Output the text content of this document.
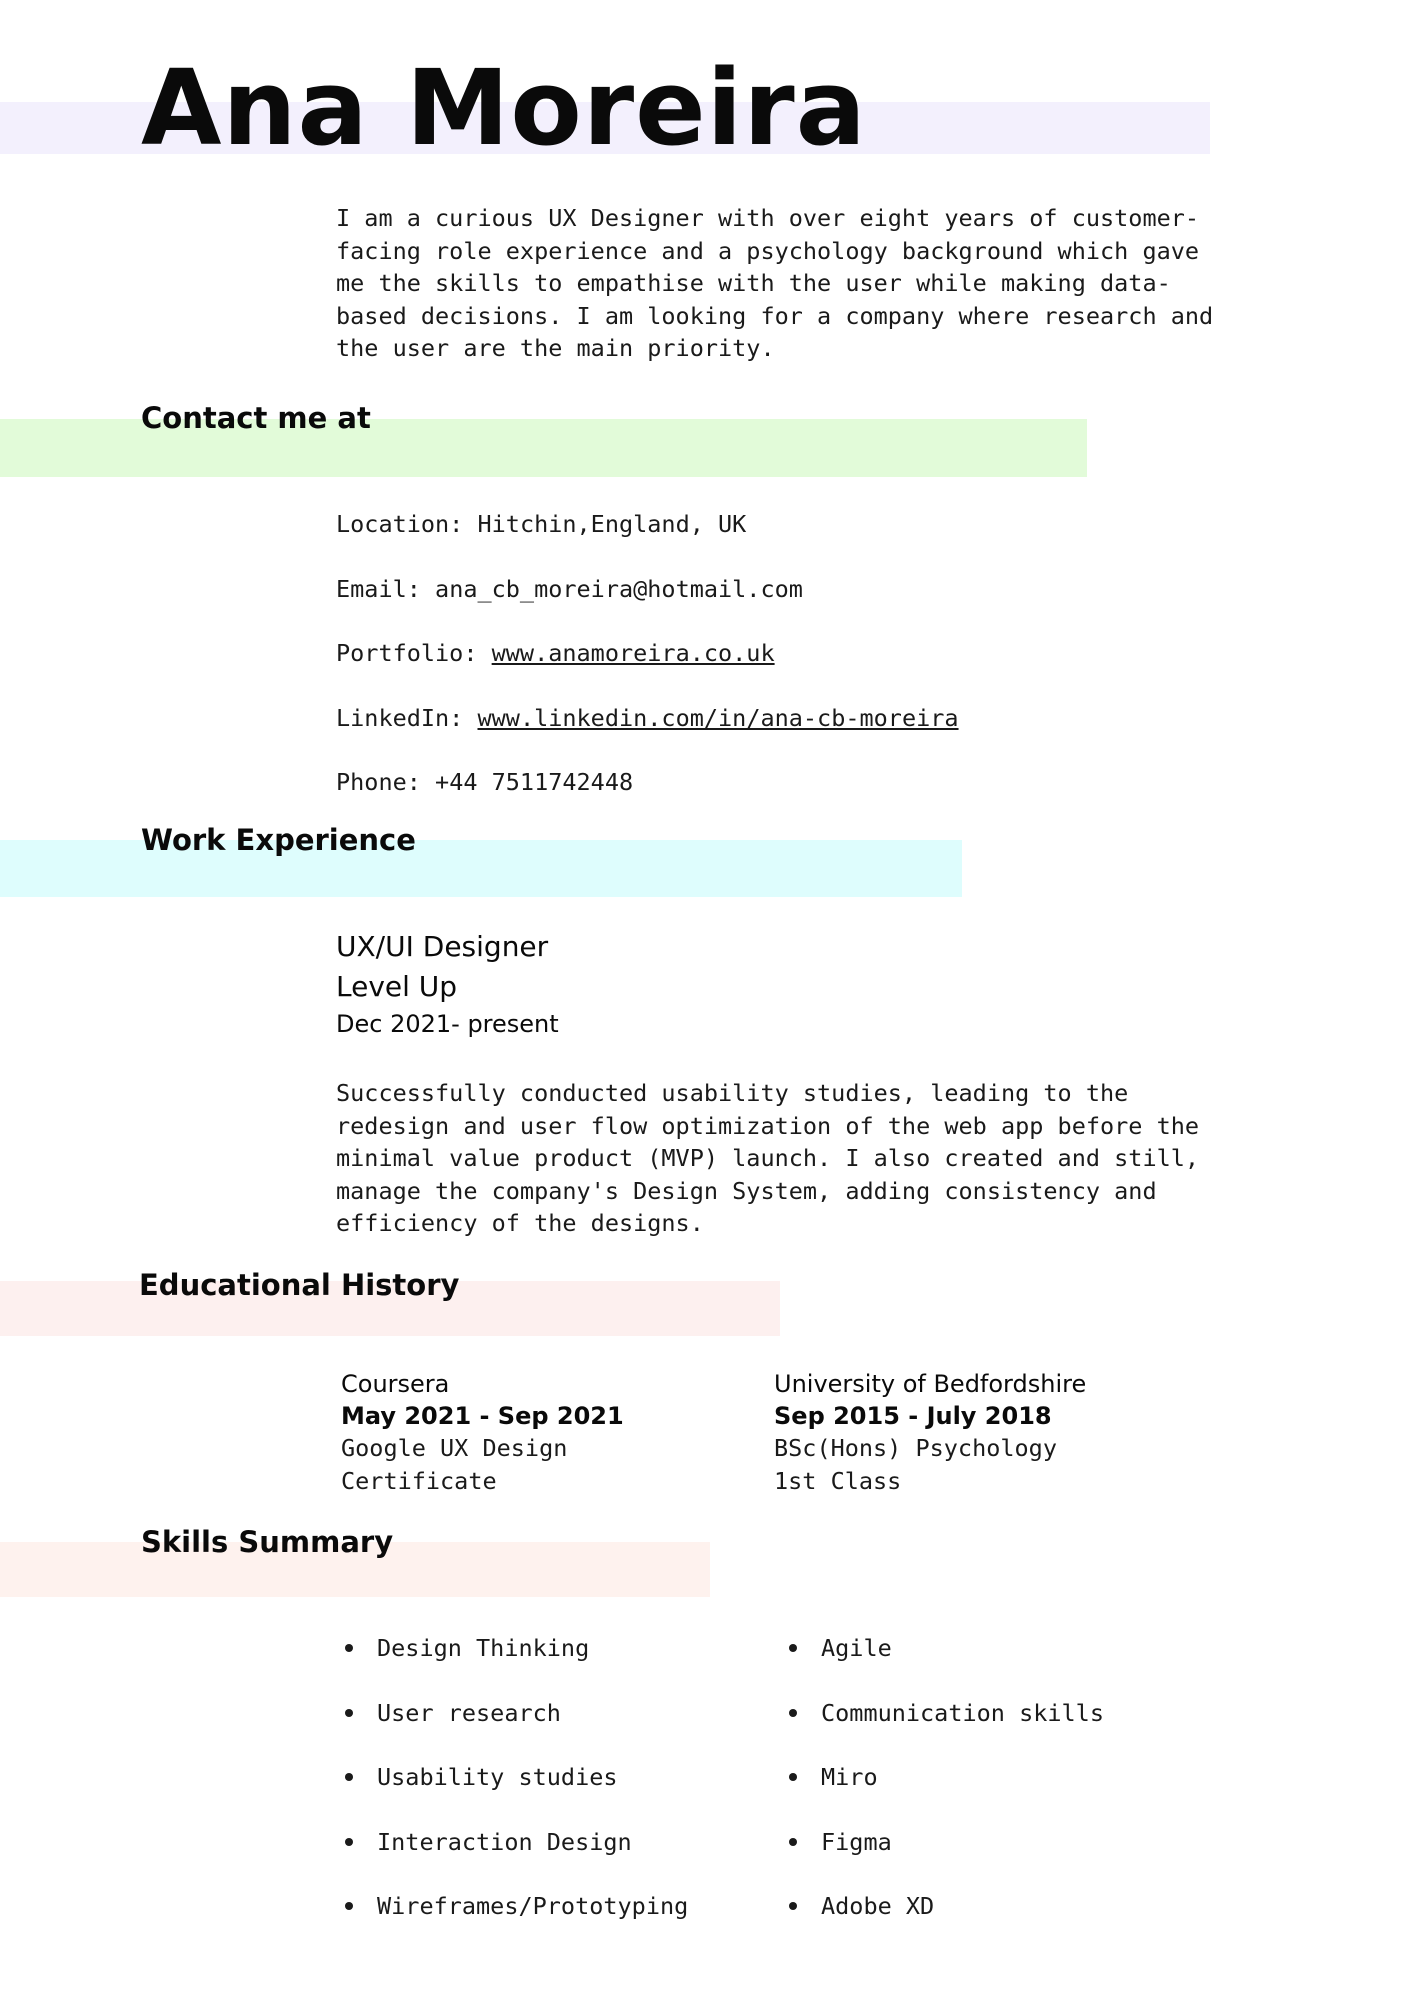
Ana Moreira

I am a curious UX Designer with over eight years of customer-facing role experience and a psychology background which gave me the skills to empathise with the user while making data-based decisions. I am looking for a company where research and the user are the main priority.

Contact me at
Location: Hitchin,England, UK
Email: ana_cb_moreira@hotmail.com
Portfolio: www.anamoreira.co.uk
LinkedIn: www.linkedin.com/in/ana-cb-moreira
Phone: +44 7511742448
Work Experience
UX/UI Designer
Level Up
Dec 2021- present

Successfully conducted usability studies, leading to the redesign and user flow optimization of the web app before the minimal value product (MVP) launch. I also created and still, manage the company's Design System, adding consistency and efficiency of the designs.

Educational History
Coursera
May 2021 - Sep 2021
Google UX Design
Certificate
University of Bedfordshire
Sep 2015 - July 2018
BSc(Hons) Psychology
1st Class
Skills Summary
Design Thinking
User research
Usability studies
Interaction Design
Wireframes/Prototyping
Agile
Communication skills
Miro
Figma
Adobe XD
